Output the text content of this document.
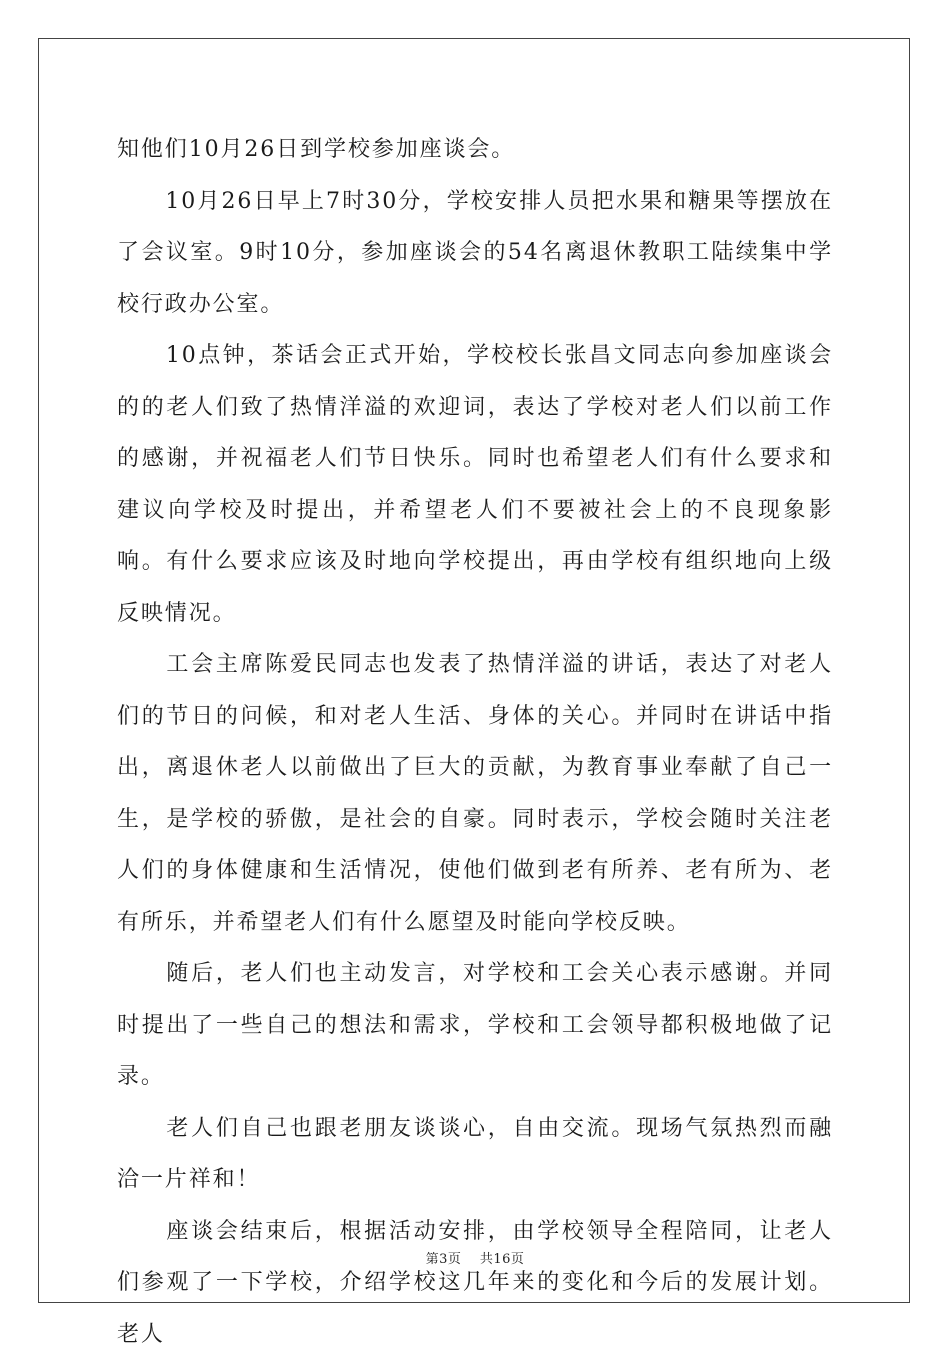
知他们10月26日到学校参加座谈会。

　　10月26日早上7时30分，学校安排人员把水果和糖果等摆放在了会议室。9时10分，参加座谈会的54名离退休教职工陆续集中学校行政办公室。

　　10点钟，茶话会正式开始，学校校长张昌文同志向参加座谈会的的老人们致了热情洋溢的欢迎词，表达了学校对老人们以前工作的感谢，并祝福老人们节日快乐。同时也希望老人们有什么要求和建议向学校及时提出，并希望老人们不要被社会上的不良现象影响。有什么要求应该及时地向学校提出，再由学校有组织地向上级反映情况。

　　工会主席陈爱民同志也发表了热情洋溢的讲话，表达了对老人们的节日的问候，和对老人生活、身体的关心。并同时在讲话中指出，离退休老人以前做出了巨大的贡献，为教育事业奉献了自己一生，是学校的骄傲，是社会的自豪。同时表示，学校会随时关注老人们的身体健康和生活情况，使他们做到老有所养、老有所为、老有所乐，并希望老人们有什么愿望及时能向学校反映。

　　随后，老人们也主动发言，对学校和工会关心表示感谢。并同时提出了一些自己的想法和需求，学校和工会领导都积极地做了记录。

　　老人们自己也跟老朋友谈谈心，自由交流。现场气氛热烈而融洽一片祥和！

　　座谈会结束后，根据活动安排，由学校领导全程陪同，让老人们参观了一下学校，介绍学校这几年来的变化和今后的发展计划。老人

第3页 共16页
